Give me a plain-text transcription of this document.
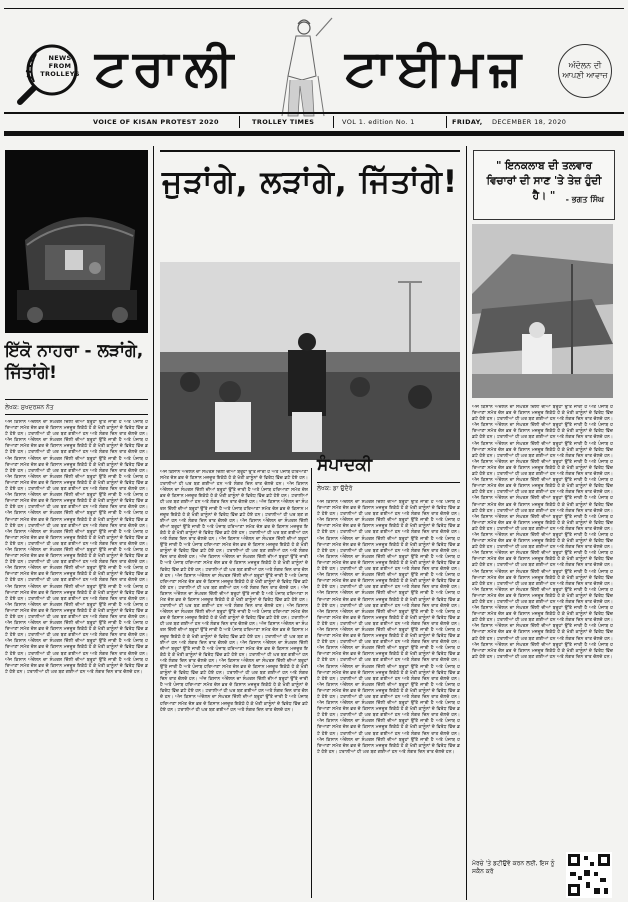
NEWS FROM TROLLEYS ਟਰਾਲੀ ਟਾਈਮਜ਼	ਅੰਦੋਲਨ ਦੀ ਆਪਣੀ ਆਵਾਜ਼
VOICE OF KISAN PROTEST 2020	TROLLEY TIMES	VOL 1. edition No. 1	FRIDAY, DECEMBER 18, 2020
ਇੱਕੋ ਨਾਹਰਾ - ਲੜਾਂਗੇ, ਜਿੱਤਾਂਗੇ!
ਲੇਖਕ: ਸੁਖਦਰਸ਼ਨ ਨੱਤ
ਅੱਜ ਕਿਸਾਨ ਅੰਦੋਲਨ ਦਾ ਸੰਘਰਸ਼ ਦਿੱਲੀ ਦੀਆਂ ਬਰੂਹਾਂ ਉੱਤੇ ਜਾਰੀ ਹੈ ਅਤੇ ਪੰਜਾਬ ਹਰਿਆਣਾ ਸਮੇਤ ਦੇਸ਼ ਭਰ ਦੇ ਕਿਸਾਨ ਮਜ਼ਦੂਰ ਇਕੱਠੇ ਹੋ ਕੇ ਖੇਤੀ ਕਾਨੂੰਨਾਂ ਦੇ ਵਿਰੋਧ ਵਿੱਚ ਡਟੇ ਹੋਏ ਹਨ। ਟਰਾਲੀਆਂ ਹੀ ਘਰ ਬਣ ਗਈਆਂ ਹਨ ਅਤੇ ਲੰਗਰ ਦਿਨ ਰਾਤ ਚੱਲਦੇ ਹਨ। ਅੱਜ ਕਿਸਾਨ ਅੰਦੋਲਨ ਦਾ ਸੰਘਰਸ਼ ਦਿੱਲੀ ਦੀਆਂ ਬਰੂਹਾਂ ਉੱਤੇ ਜਾਰੀ ਹੈ ਅਤੇ ਪੰਜਾਬ ਹਰਿਆਣਾ ਸਮੇਤ ਦੇਸ਼ ਭਰ ਦੇ ਕਿਸਾਨ ਮਜ਼ਦੂਰ ਇਕੱਠੇ ਹੋ ਕੇ ਖੇਤੀ ਕਾਨੂੰਨਾਂ ਦੇ ਵਿਰੋਧ ਵਿੱਚ ਡਟੇ ਹੋਏ ਹਨ। ਟਰਾਲੀਆਂ ਹੀ ਘਰ ਬਣ ਗਈਆਂ ਹਨ ਅਤੇ ਲੰਗਰ ਦਿਨ ਰਾਤ ਚੱਲਦੇ ਹਨ। ਅੱਜ ਕਿਸਾਨ ਅੰਦੋਲਨ ਦਾ ਸੰਘਰਸ਼ ਦਿੱਲੀ ਦੀਆਂ ਬਰੂਹਾਂ ਉੱਤੇ ਜਾਰੀ ਹੈ ਅਤੇ ਪੰਜਾਬ ਹਰਿਆਣਾ ਸਮੇਤ ਦੇਸ਼ ਭਰ ਦੇ ਕਿਸਾਨ ਮਜ਼ਦੂਰ ਇਕੱਠੇ ਹੋ ਕੇ ਖੇਤੀ ਕਾਨੂੰਨਾਂ ਦੇ ਵਿਰੋਧ ਵਿੱਚ ਡਟੇ ਹੋਏ ਹਨ। ਟਰਾਲੀਆਂ ਹੀ ਘਰ ਬਣ ਗਈਆਂ ਹਨ ਅਤੇ ਲੰਗਰ ਦਿਨ ਰਾਤ ਚੱਲਦੇ ਹਨ। ਅੱਜ ਕਿਸਾਨ ਅੰਦੋਲਨ ਦਾ ਸੰਘਰਸ਼ ਦਿੱਲੀ ਦੀਆਂ ਬਰੂਹਾਂ ਉੱਤੇ ਜਾਰੀ ਹੈ ਅਤੇ ਪੰਜਾਬ ਹਰਿਆਣਾ ਸਮੇਤ ਦੇਸ਼ ਭਰ ਦੇ ਕਿਸਾਨ ਮਜ਼ਦੂਰ ਇਕੱਠੇ ਹੋ ਕੇ ਖੇਤੀ ਕਾਨੂੰਨਾਂ ਦੇ ਵਿਰੋਧ ਵਿੱਚ ਡਟੇ ਹੋਏ ਹਨ। ਟਰਾਲੀਆਂ ਹੀ ਘਰ ਬਣ ਗਈਆਂ ਹਨ ਅਤੇ ਲੰਗਰ ਦਿਨ ਰਾਤ ਚੱਲਦੇ ਹਨ। ਅੱਜ ਕਿਸਾਨ ਅੰਦੋਲਨ ਦਾ ਸੰਘਰਸ਼ ਦਿੱਲੀ ਦੀਆਂ ਬਰੂਹਾਂ ਉੱਤੇ ਜਾਰੀ ਹੈ ਅਤੇ ਪੰਜਾਬ ਹਰਿਆਣਾ ਸਮੇਤ ਦੇਸ਼ ਭਰ ਦੇ ਕਿਸਾਨ ਮਜ਼ਦੂਰ ਇਕੱਠੇ ਹੋ ਕੇ ਖੇਤੀ ਕਾਨੂੰਨਾਂ ਦੇ ਵਿਰੋਧ ਵਿੱਚ ਡਟੇ ਹੋਏ ਹਨ। ਟਰਾਲੀਆਂ ਹੀ ਘਰ ਬਣ ਗਈਆਂ ਹਨ ਅਤੇ ਲੰਗਰ ਦਿਨ ਰਾਤ ਚੱਲਦੇ ਹਨ। ਅੱਜ ਕਿਸਾਨ ਅੰਦੋਲਨ ਦਾ ਸੰਘਰਸ਼ ਦਿੱਲੀ ਦੀਆਂ ਬਰੂਹਾਂ ਉੱਤੇ ਜਾਰੀ ਹੈ ਅਤੇ ਪੰਜਾਬ ਹਰਿਆਣਾ ਸਮੇਤ ਦੇਸ਼ ਭਰ ਦੇ ਕਿਸਾਨ ਮਜ਼ਦੂਰ ਇਕੱਠੇ ਹੋ ਕੇ ਖੇਤੀ ਕਾਨੂੰਨਾਂ ਦੇ ਵਿਰੋਧ ਵਿੱਚ ਡਟੇ ਹੋਏ ਹਨ। ਟਰਾਲੀਆਂ ਹੀ ਘਰ ਬਣ ਗਈਆਂ ਹਨ ਅਤੇ ਲੰਗਰ ਦਿਨ ਰਾਤ ਚੱਲਦੇ ਹਨ। ਅੱਜ ਕਿਸਾਨ ਅੰਦੋਲਨ ਦਾ ਸੰਘਰਸ਼ ਦਿੱਲੀ ਦੀਆਂ ਬਰੂਹਾਂ ਉੱਤੇ ਜਾਰੀ ਹੈ ਅਤੇ ਪੰਜਾਬ ਹਰਿਆਣਾ ਸਮੇਤ ਦੇਸ਼ ਭਰ ਦੇ ਕਿਸਾਨ ਮਜ਼ਦੂਰ ਇਕੱਠੇ ਹੋ ਕੇ ਖੇਤੀ ਕਾਨੂੰਨਾਂ ਦੇ ਵਿਰੋਧ ਵਿੱਚ ਡਟੇ ਹੋਏ ਹਨ। ਟਰਾਲੀਆਂ ਹੀ ਘਰ ਬਣ ਗਈਆਂ ਹਨ ਅਤੇ ਲੰਗਰ ਦਿਨ ਰਾਤ ਚੱਲਦੇ ਹਨ। ਅੱਜ ਕਿਸਾਨ ਅੰਦੋਲਨ ਦਾ ਸੰਘਰਸ਼ ਦਿੱਲੀ ਦੀਆਂ ਬਰੂਹਾਂ ਉੱਤੇ ਜਾਰੀ ਹੈ ਅਤੇ ਪੰਜਾਬ ਹਰਿਆਣਾ ਸਮੇਤ ਦੇਸ਼ ਭਰ ਦੇ ਕਿਸਾਨ ਮਜ਼ਦੂਰ ਇਕੱਠੇ ਹੋ ਕੇ ਖੇਤੀ ਕਾਨੂੰਨਾਂ ਦੇ ਵਿਰੋਧ ਵਿੱਚ ਡਟੇ ਹੋਏ ਹਨ। ਟਰਾਲੀਆਂ ਹੀ ਘਰ ਬਣ ਗਈਆਂ ਹਨ ਅਤੇ ਲੰਗਰ ਦਿਨ ਰਾਤ ਚੱਲਦੇ ਹਨ। ਅੱਜ ਕਿਸਾਨ ਅੰਦੋਲਨ ਦਾ ਸੰਘਰਸ਼ ਦਿੱਲੀ ਦੀਆਂ ਬਰੂਹਾਂ ਉੱਤੇ ਜਾਰੀ ਹੈ ਅਤੇ ਪੰਜਾਬ ਹਰਿਆਣਾ ਸਮੇਤ ਦੇਸ਼ ਭਰ ਦੇ ਕਿਸਾਨ ਮਜ਼ਦੂਰ ਇਕੱਠੇ ਹੋ ਕੇ ਖੇਤੀ ਕਾਨੂੰਨਾਂ ਦੇ ਵਿਰੋਧ ਵਿੱਚ ਡਟੇ ਹੋਏ ਹਨ। ਟਰਾਲੀਆਂ ਹੀ ਘਰ ਬਣ ਗਈਆਂ ਹਨ ਅਤੇ ਲੰਗਰ ਦਿਨ ਰਾਤ ਚੱਲਦੇ ਹਨ। ਅੱਜ ਕਿਸਾਨ ਅੰਦੋਲਨ ਦਾ ਸੰਘਰਸ਼ ਦਿੱਲੀ ਦੀਆਂ ਬਰੂਹਾਂ ਉੱਤੇ ਜਾਰੀ ਹੈ ਅਤੇ ਪੰਜਾਬ ਹਰਿਆਣਾ ਸਮੇਤ ਦੇਸ਼ ਭਰ ਦੇ ਕਿਸਾਨ ਮਜ਼ਦੂਰ ਇਕੱਠੇ ਹੋ ਕੇ ਖੇਤੀ ਕਾਨੂੰਨਾਂ ਦੇ ਵਿਰੋਧ ਵਿੱਚ ਡਟੇ ਹੋਏ ਹਨ। ਟਰਾਲੀਆਂ ਹੀ ਘਰ ਬਣ ਗਈਆਂ ਹਨ ਅਤੇ ਲੰਗਰ ਦਿਨ ਰਾਤ ਚੱਲਦੇ ਹਨ। ਅੱਜ ਕਿਸਾਨ ਅੰਦੋਲਨ ਦਾ ਸੰਘਰਸ਼ ਦਿੱਲੀ ਦੀਆਂ ਬਰੂਹਾਂ ਉੱਤੇ ਜਾਰੀ ਹੈ ਅਤੇ ਪੰਜਾਬ ਹਰਿਆਣਾ ਸਮੇਤ ਦੇਸ਼ ਭਰ ਦੇ ਕਿਸਾਨ ਮਜ਼ਦੂਰ ਇਕੱਠੇ ਹੋ ਕੇ ਖੇਤੀ ਕਾਨੂੰਨਾਂ ਦੇ ਵਿਰੋਧ ਵਿੱਚ ਡਟੇ ਹੋਏ ਹਨ। ਟਰਾਲੀਆਂ ਹੀ ਘਰ ਬਣ ਗਈਆਂ ਹਨ ਅਤੇ ਲੰਗਰ ਦਿਨ ਰਾਤ ਚੱਲਦੇ ਹਨ। ਅੱਜ ਕਿਸਾਨ ਅੰਦੋਲਨ ਦਾ ਸੰਘਰਸ਼ ਦਿੱਲੀ ਦੀਆਂ ਬਰੂਹਾਂ ਉੱਤੇ ਜਾਰੀ ਹੈ ਅਤੇ ਪੰਜਾਬ ਹਰਿਆਣਾ ਸਮੇਤ ਦੇਸ਼ ਭਰ ਦੇ ਕਿਸਾਨ ਮਜ਼ਦੂਰ ਇਕੱਠੇ ਹੋ ਕੇ ਖੇਤੀ ਕਾਨੂੰਨਾਂ ਦੇ ਵਿਰੋਧ ਵਿੱਚ ਡਟੇ ਹੋਏ ਹਨ। ਟਰਾਲੀਆਂ ਹੀ ਘਰ ਬਣ ਗਈਆਂ ਹਨ ਅਤੇ ਲੰਗਰ ਦਿਨ ਰਾਤ ਚੱਲਦੇ ਹਨ। ਅੱਜ ਕਿਸਾਨ ਅੰਦੋਲਨ ਦਾ ਸੰਘਰਸ਼ ਦਿੱਲੀ ਦੀਆਂ ਬਰੂਹਾਂ ਉੱਤੇ ਜਾਰੀ ਹੈ ਅਤੇ ਪੰਜਾਬ ਹਰਿਆਣਾ ਸਮੇਤ ਦੇਸ਼ ਭਰ ਦੇ ਕਿਸਾਨ ਮਜ਼ਦੂਰ ਇਕੱਠੇ ਹੋ ਕੇ ਖੇਤੀ ਕਾਨੂੰਨਾਂ ਦੇ ਵਿਰੋਧ ਵਿੱਚ ਡਟੇ ਹੋਏ ਹਨ। ਟਰਾਲੀਆਂ ਹੀ ਘਰ ਬਣ ਗਈਆਂ ਹਨ ਅਤੇ ਲੰਗਰ ਦਿਨ ਰਾਤ ਚੱਲਦੇ ਹਨ। ਅੱਜ ਕਿਸਾਨ ਅੰਦੋਲਨ ਦਾ ਸੰਘਰਸ਼ ਦਿੱਲੀ ਦੀਆਂ ਬਰੂਹਾਂ ਉੱਤੇ ਜਾਰੀ ਹੈ ਅਤੇ ਪੰਜਾਬ ਹਰਿਆਣਾ ਸਮੇਤ ਦੇਸ਼ ਭਰ ਦੇ ਕਿਸਾਨ ਮਜ਼ਦੂਰ ਇਕੱਠੇ ਹੋ ਕੇ ਖੇਤੀ ਕਾਨੂੰਨਾਂ ਦੇ ਵਿਰੋਧ ਵਿੱਚ ਡਟੇ ਹੋਏ ਹਨ। ਟਰਾਲੀਆਂ ਹੀ ਘਰ ਬਣ ਗਈਆਂ ਹਨ ਅਤੇ ਲੰਗਰ ਦਿਨ ਰਾਤ ਚੱਲਦੇ ਹਨ।
ਜੁੜਾਂਗੇ, ਲੜਾਂਗੇ, ਜਿੱਤਾਂਗੇ!
ਅੱਜ ਕਿਸਾਨ ਅੰਦੋਲਨ ਦਾ ਸੰਘਰਸ਼ ਦਿੱਲੀ ਦੀਆਂ ਬਰੂਹਾਂ ਉੱਤੇ ਜਾਰੀ ਹੈ ਅਤੇ ਪੰਜਾਬ ਹਰਿਆਣਾ ਸਮੇਤ ਦੇਸ਼ ਭਰ ਦੇ ਕਿਸਾਨ ਮਜ਼ਦੂਰ ਇਕੱਠੇ ਹੋ ਕੇ ਖੇਤੀ ਕਾਨੂੰਨਾਂ ਦੇ ਵਿਰੋਧ ਵਿੱਚ ਡਟੇ ਹੋਏ ਹਨ। ਟਰਾਲੀਆਂ ਹੀ ਘਰ ਬਣ ਗਈਆਂ ਹਨ ਅਤੇ ਲੰਗਰ ਦਿਨ ਰਾਤ ਚੱਲਦੇ ਹਨ। ਅੱਜ ਕਿਸਾਨ ਅੰਦੋਲਨ ਦਾ ਸੰਘਰਸ਼ ਦਿੱਲੀ ਦੀਆਂ ਬਰੂਹਾਂ ਉੱਤੇ ਜਾਰੀ ਹੈ ਅਤੇ ਪੰਜਾਬ ਹਰਿਆਣਾ ਸਮੇਤ ਦੇਸ਼ ਭਰ ਦੇ ਕਿਸਾਨ ਮਜ਼ਦੂਰ ਇਕੱਠੇ ਹੋ ਕੇ ਖੇਤੀ ਕਾਨੂੰਨਾਂ ਦੇ ਵਿਰੋਧ ਵਿੱਚ ਡਟੇ ਹੋਏ ਹਨ। ਟਰਾਲੀਆਂ ਹੀ ਘਰ ਬਣ ਗਈਆਂ ਹਨ ਅਤੇ ਲੰਗਰ ਦਿਨ ਰਾਤ ਚੱਲਦੇ ਹਨ। ਅੱਜ ਕਿਸਾਨ ਅੰਦੋਲਨ ਦਾ ਸੰਘਰਸ਼ ਦਿੱਲੀ ਦੀਆਂ ਬਰੂਹਾਂ ਉੱਤੇ ਜਾਰੀ ਹੈ ਅਤੇ ਪੰਜਾਬ ਹਰਿਆਣਾ ਸਮੇਤ ਦੇਸ਼ ਭਰ ਦੇ ਕਿਸਾਨ ਮਜ਼ਦੂਰ ਇਕੱਠੇ ਹੋ ਕੇ ਖੇਤੀ ਕਾਨੂੰਨਾਂ ਦੇ ਵਿਰੋਧ ਵਿੱਚ ਡਟੇ ਹੋਏ ਹਨ। ਟਰਾਲੀਆਂ ਹੀ ਘਰ ਬਣ ਗਈਆਂ ਹਨ ਅਤੇ ਲੰਗਰ ਦਿਨ ਰਾਤ ਚੱਲਦੇ ਹਨ। ਅੱਜ ਕਿਸਾਨ ਅੰਦੋਲਨ ਦਾ ਸੰਘਰਸ਼ ਦਿੱਲੀ ਦੀਆਂ ਬਰੂਹਾਂ ਉੱਤੇ ਜਾਰੀ ਹੈ ਅਤੇ ਪੰਜਾਬ ਹਰਿਆਣਾ ਸਮੇਤ ਦੇਸ਼ ਭਰ ਦੇ ਕਿਸਾਨ ਮਜ਼ਦੂਰ ਇਕੱਠੇ ਹੋ ਕੇ ਖੇਤੀ ਕਾਨੂੰਨਾਂ ਦੇ ਵਿਰੋਧ ਵਿੱਚ ਡਟੇ ਹੋਏ ਹਨ। ਟਰਾਲੀਆਂ ਹੀ ਘਰ ਬਣ ਗਈਆਂ ਹਨ ਅਤੇ ਲੰਗਰ ਦਿਨ ਰਾਤ ਚੱਲਦੇ ਹਨ। ਅੱਜ ਕਿਸਾਨ ਅੰਦੋਲਨ ਦਾ ਸੰਘਰਸ਼ ਦਿੱਲੀ ਦੀਆਂ ਬਰੂਹਾਂ ਉੱਤੇ ਜਾਰੀ ਹੈ ਅਤੇ ਪੰਜਾਬ ਹਰਿਆਣਾ ਸਮੇਤ ਦੇਸ਼ ਭਰ ਦੇ ਕਿਸਾਨ ਮਜ਼ਦੂਰ ਇਕੱਠੇ ਹੋ ਕੇ ਖੇਤੀ ਕਾਨੂੰਨਾਂ ਦੇ ਵਿਰੋਧ ਵਿੱਚ ਡਟੇ ਹੋਏ ਹਨ। ਟਰਾਲੀਆਂ ਹੀ ਘਰ ਬਣ ਗਈਆਂ ਹਨ ਅਤੇ ਲੰਗਰ ਦਿਨ ਰਾਤ ਚੱਲਦੇ ਹਨ। ਅੱਜ ਕਿਸਾਨ ਅੰਦੋਲਨ ਦਾ ਸੰਘਰਸ਼ ਦਿੱਲੀ ਦੀਆਂ ਬਰੂਹਾਂ ਉੱਤੇ ਜਾਰੀ ਹੈ ਅਤੇ ਪੰਜਾਬ ਹਰਿਆਣਾ ਸਮੇਤ ਦੇਸ਼ ਭਰ ਦੇ ਕਿਸਾਨ ਮਜ਼ਦੂਰ ਇਕੱਠੇ ਹੋ ਕੇ ਖੇਤੀ ਕਾਨੂੰਨਾਂ ਦੇ ਵਿਰੋਧ ਵਿੱਚ ਡਟੇ ਹੋਏ ਹਨ। ਟਰਾਲੀਆਂ ਹੀ ਘਰ ਬਣ ਗਈਆਂ ਹਨ ਅਤੇ ਲੰਗਰ ਦਿਨ ਰਾਤ ਚੱਲਦੇ ਹਨ। ਅੱਜ ਕਿਸਾਨ ਅੰਦੋਲਨ ਦਾ ਸੰਘਰਸ਼ ਦਿੱਲੀ ਦੀਆਂ ਬਰੂਹਾਂ ਉੱਤੇ ਜਾਰੀ ਹੈ ਅਤੇ ਪੰਜਾਬ ਹਰਿਆਣਾ ਸਮੇਤ ਦੇਸ਼ ਭਰ ਦੇ ਕਿਸਾਨ ਮਜ਼ਦੂਰ ਇਕੱਠੇ ਹੋ ਕੇ ਖੇਤੀ ਕਾਨੂੰਨਾਂ ਦੇ ਵਿਰੋਧ ਵਿੱਚ ਡਟੇ ਹੋਏ ਹਨ। ਟਰਾਲੀਆਂ ਹੀ ਘਰ ਬਣ ਗਈਆਂ ਹਨ ਅਤੇ ਲੰਗਰ ਦਿਨ ਰਾਤ ਚੱਲਦੇ ਹਨ। ਅੱਜ ਕਿਸਾਨ ਅੰਦੋਲਨ ਦਾ ਸੰਘਰਸ਼ ਦਿੱਲੀ ਦੀਆਂ ਬਰੂਹਾਂ ਉੱਤੇ ਜਾਰੀ ਹੈ ਅਤੇ ਪੰਜਾਬ ਹਰਿਆਣਾ ਸਮੇਤ ਦੇਸ਼ ਭਰ ਦੇ ਕਿਸਾਨ ਮਜ਼ਦੂਰ ਇਕੱਠੇ ਹੋ ਕੇ ਖੇਤੀ ਕਾਨੂੰਨਾਂ ਦੇ ਵਿਰੋਧ ਵਿੱਚ ਡਟੇ ਹੋਏ ਹਨ। ਟਰਾਲੀਆਂ ਹੀ ਘਰ ਬਣ ਗਈਆਂ ਹਨ ਅਤੇ ਲੰਗਰ ਦਿਨ ਰਾਤ ਚੱਲਦੇ ਹਨ। ਅੱਜ ਕਿਸਾਨ ਅੰਦੋਲਨ ਦਾ ਸੰਘਰਸ਼ ਦਿੱਲੀ ਦੀਆਂ ਬਰੂਹਾਂ ਉੱਤੇ ਜਾਰੀ ਹੈ ਅਤੇ ਪੰਜਾਬ ਹਰਿਆਣਾ ਸਮੇਤ ਦੇਸ਼ ਭਰ ਦੇ ਕਿਸਾਨ ਮਜ਼ਦੂਰ ਇਕੱਠੇ ਹੋ ਕੇ ਖੇਤੀ ਕਾਨੂੰਨਾਂ ਦੇ ਵਿਰੋਧ ਵਿੱਚ ਡਟੇ ਹੋਏ ਹਨ। ਟਰਾਲੀਆਂ ਹੀ ਘਰ ਬਣ ਗਈਆਂ ਹਨ ਅਤੇ ਲੰਗਰ ਦਿਨ ਰਾਤ ਚੱਲਦੇ ਹਨ। ਅੱਜ ਕਿਸਾਨ ਅੰਦੋਲਨ ਦਾ ਸੰਘਰਸ਼ ਦਿੱਲੀ ਦੀਆਂ ਬਰੂਹਾਂ ਉੱਤੇ ਜਾਰੀ ਹੈ ਅਤੇ ਪੰਜਾਬ ਹਰਿਆਣਾ ਸਮੇਤ ਦੇਸ਼ ਭਰ ਦੇ ਕਿਸਾਨ ਮਜ਼ਦੂਰ ਇਕੱਠੇ ਹੋ ਕੇ ਖੇਤੀ ਕਾਨੂੰਨਾਂ ਦੇ ਵਿਰੋਧ ਵਿੱਚ ਡਟੇ ਹੋਏ ਹਨ। ਟਰਾਲੀਆਂ ਹੀ ਘਰ ਬਣ ਗਈਆਂ ਹਨ ਅਤੇ ਲੰਗਰ ਦਿਨ ਰਾਤ ਚੱਲਦੇ ਹਨ। ਅੱਜ ਕਿਸਾਨ ਅੰਦੋਲਨ ਦਾ ਸੰਘਰਸ਼ ਦਿੱਲੀ ਦੀਆਂ ਬਰੂਹਾਂ ਉੱਤੇ ਜਾਰੀ ਹੈ ਅਤੇ ਪੰਜਾਬ ਹਰਿਆਣਾ ਸਮੇਤ ਦੇਸ਼ ਭਰ ਦੇ ਕਿਸਾਨ ਮਜ਼ਦੂਰ ਇਕੱਠੇ ਹੋ ਕੇ ਖੇਤੀ ਕਾਨੂੰਨਾਂ ਦੇ ਵਿਰੋਧ ਵਿੱਚ ਡਟੇ ਹੋਏ ਹਨ। ਟਰਾਲੀਆਂ ਹੀ ਘਰ ਬਣ ਗਈਆਂ ਹਨ ਅਤੇ ਲੰਗਰ ਦਿਨ ਰਾਤ ਚੱਲਦੇ ਹਨ। ਅੱਜ ਕਿਸਾਨ ਅੰਦੋਲਨ ਦਾ ਸੰਘਰਸ਼ ਦਿੱਲੀ ਦੀਆਂ ਬਰੂਹਾਂ ਉੱਤੇ ਜਾਰੀ ਹੈ ਅਤੇ ਪੰਜਾਬ ਹਰਿਆਣਾ ਸਮੇਤ ਦੇਸ਼ ਭਰ ਦੇ ਕਿਸਾਨ ਮਜ਼ਦੂਰ ਇਕੱਠੇ ਹੋ ਕੇ ਖੇਤੀ ਕਾਨੂੰਨਾਂ ਦੇ ਵਿਰੋਧ ਵਿੱਚ ਡਟੇ ਹੋਏ ਹਨ। ਟਰਾਲੀਆਂ ਹੀ ਘਰ ਬਣ ਗਈਆਂ ਹਨ ਅਤੇ ਲੰਗਰ ਦਿਨ ਰਾਤ ਚੱਲਦੇ ਹਨ। ਅੱਜ ਕਿਸਾਨ ਅੰਦੋਲਨ ਦਾ ਸੰਘਰਸ਼ ਦਿੱਲੀ ਦੀਆਂ ਬਰੂਹਾਂ ਉੱਤੇ ਜਾਰੀ ਹੈ ਅਤੇ ਪੰਜਾਬ ਹਰਿਆਣਾ ਸਮੇਤ ਦੇਸ਼ ਭਰ ਦੇ ਕਿਸਾਨ ਮਜ਼ਦੂਰ ਇਕੱਠੇ ਹੋ ਕੇ ਖੇਤੀ ਕਾਨੂੰਨਾਂ ਦੇ ਵਿਰੋਧ ਵਿੱਚ ਡਟੇ ਹੋਏ ਹਨ। ਟਰਾਲੀਆਂ ਹੀ ਘਰ ਬਣ ਗਈਆਂ ਹਨ ਅਤੇ ਲੰਗਰ ਦਿਨ ਰਾਤ ਚੱਲਦੇ ਹਨ। ਅੱਜ ਕਿਸਾਨ ਅੰਦੋਲਨ ਦਾ ਸੰਘਰਸ਼ ਦਿੱਲੀ ਦੀਆਂ ਬਰੂਹਾਂ ਉੱਤੇ ਜਾਰੀ ਹੈ ਅਤੇ ਪੰਜਾਬ ਹਰਿਆਣਾ ਸਮੇਤ ਦੇਸ਼ ਭਰ ਦੇ ਕਿਸਾਨ ਮਜ਼ਦੂਰ ਇਕੱਠੇ ਹੋ ਕੇ ਖੇਤੀ ਕਾਨੂੰਨਾਂ ਦੇ ਵਿਰੋਧ ਵਿੱਚ ਡਟੇ ਹੋਏ ਹਨ। ਟਰਾਲੀਆਂ ਹੀ ਘਰ ਬਣ ਗਈਆਂ ਹਨ ਅਤੇ ਲੰਗਰ ਦਿਨ ਰਾਤ ਚੱਲਦੇ ਹਨ।
ਸੰਪਾਦਕੀ
ਲੇਖਕ: ਡਾ ਉਦੈਰੋ
ਅੱਜ ਕਿਸਾਨ ਅੰਦੋਲਨ ਦਾ ਸੰਘਰਸ਼ ਦਿੱਲੀ ਦੀਆਂ ਬਰੂਹਾਂ ਉੱਤੇ ਜਾਰੀ ਹੈ ਅਤੇ ਪੰਜਾਬ ਹਰਿਆਣਾ ਸਮੇਤ ਦੇਸ਼ ਭਰ ਦੇ ਕਿਸਾਨ ਮਜ਼ਦੂਰ ਇਕੱਠੇ ਹੋ ਕੇ ਖੇਤੀ ਕਾਨੂੰਨਾਂ ਦੇ ਵਿਰੋਧ ਵਿੱਚ ਡਟੇ ਹੋਏ ਹਨ। ਟਰਾਲੀਆਂ ਹੀ ਘਰ ਬਣ ਗਈਆਂ ਹਨ ਅਤੇ ਲੰਗਰ ਦਿਨ ਰਾਤ ਚੱਲਦੇ ਹਨ। ਅੱਜ ਕਿਸਾਨ ਅੰਦੋਲਨ ਦਾ ਸੰਘਰਸ਼ ਦਿੱਲੀ ਦੀਆਂ ਬਰੂਹਾਂ ਉੱਤੇ ਜਾਰੀ ਹੈ ਅਤੇ ਪੰਜਾਬ ਹਰਿਆਣਾ ਸਮੇਤ ਦੇਸ਼ ਭਰ ਦੇ ਕਿਸਾਨ ਮਜ਼ਦੂਰ ਇਕੱਠੇ ਹੋ ਕੇ ਖੇਤੀ ਕਾਨੂੰਨਾਂ ਦੇ ਵਿਰੋਧ ਵਿੱਚ ਡਟੇ ਹੋਏ ਹਨ। ਟਰਾਲੀਆਂ ਹੀ ਘਰ ਬਣ ਗਈਆਂ ਹਨ ਅਤੇ ਲੰਗਰ ਦਿਨ ਰਾਤ ਚੱਲਦੇ ਹਨ। ਅੱਜ ਕਿਸਾਨ ਅੰਦੋਲਨ ਦਾ ਸੰਘਰਸ਼ ਦਿੱਲੀ ਦੀਆਂ ਬਰੂਹਾਂ ਉੱਤੇ ਜਾਰੀ ਹੈ ਅਤੇ ਪੰਜਾਬ ਹਰਿਆਣਾ ਸਮੇਤ ਦੇਸ਼ ਭਰ ਦੇ ਕਿਸਾਨ ਮਜ਼ਦੂਰ ਇਕੱਠੇ ਹੋ ਕੇ ਖੇਤੀ ਕਾਨੂੰਨਾਂ ਦੇ ਵਿਰੋਧ ਵਿੱਚ ਡਟੇ ਹੋਏ ਹਨ। ਟਰਾਲੀਆਂ ਹੀ ਘਰ ਬਣ ਗਈਆਂ ਹਨ ਅਤੇ ਲੰਗਰ ਦਿਨ ਰਾਤ ਚੱਲਦੇ ਹਨ। ਅੱਜ ਕਿਸਾਨ ਅੰਦੋਲਨ ਦਾ ਸੰਘਰਸ਼ ਦਿੱਲੀ ਦੀਆਂ ਬਰੂਹਾਂ ਉੱਤੇ ਜਾਰੀ ਹੈ ਅਤੇ ਪੰਜਾਬ ਹਰਿਆਣਾ ਸਮੇਤ ਦੇਸ਼ ਭਰ ਦੇ ਕਿਸਾਨ ਮਜ਼ਦੂਰ ਇਕੱਠੇ ਹੋ ਕੇ ਖੇਤੀ ਕਾਨੂੰਨਾਂ ਦੇ ਵਿਰੋਧ ਵਿੱਚ ਡਟੇ ਹੋਏ ਹਨ। ਟਰਾਲੀਆਂ ਹੀ ਘਰ ਬਣ ਗਈਆਂ ਹਨ ਅਤੇ ਲੰਗਰ ਦਿਨ ਰਾਤ ਚੱਲਦੇ ਹਨ। ਅੱਜ ਕਿਸਾਨ ਅੰਦੋਲਨ ਦਾ ਸੰਘਰਸ਼ ਦਿੱਲੀ ਦੀਆਂ ਬਰੂਹਾਂ ਉੱਤੇ ਜਾਰੀ ਹੈ ਅਤੇ ਪੰਜਾਬ ਹਰਿਆਣਾ ਸਮੇਤ ਦੇਸ਼ ਭਰ ਦੇ ਕਿਸਾਨ ਮਜ਼ਦੂਰ ਇਕੱਠੇ ਹੋ ਕੇ ਖੇਤੀ ਕਾਨੂੰਨਾਂ ਦੇ ਵਿਰੋਧ ਵਿੱਚ ਡਟੇ ਹੋਏ ਹਨ। ਟਰਾਲੀਆਂ ਹੀ ਘਰ ਬਣ ਗਈਆਂ ਹਨ ਅਤੇ ਲੰਗਰ ਦਿਨ ਰਾਤ ਚੱਲਦੇ ਹਨ। ਅੱਜ ਕਿਸਾਨ ਅੰਦੋਲਨ ਦਾ ਸੰਘਰਸ਼ ਦਿੱਲੀ ਦੀਆਂ ਬਰੂਹਾਂ ਉੱਤੇ ਜਾਰੀ ਹੈ ਅਤੇ ਪੰਜਾਬ ਹਰਿਆਣਾ ਸਮੇਤ ਦੇਸ਼ ਭਰ ਦੇ ਕਿਸਾਨ ਮਜ਼ਦੂਰ ਇਕੱਠੇ ਹੋ ਕੇ ਖੇਤੀ ਕਾਨੂੰਨਾਂ ਦੇ ਵਿਰੋਧ ਵਿੱਚ ਡਟੇ ਹੋਏ ਹਨ। ਟਰਾਲੀਆਂ ਹੀ ਘਰ ਬਣ ਗਈਆਂ ਹਨ ਅਤੇ ਲੰਗਰ ਦਿਨ ਰਾਤ ਚੱਲਦੇ ਹਨ। ਅੱਜ ਕਿਸਾਨ ਅੰਦੋਲਨ ਦਾ ਸੰਘਰਸ਼ ਦਿੱਲੀ ਦੀਆਂ ਬਰੂਹਾਂ ਉੱਤੇ ਜਾਰੀ ਹੈ ਅਤੇ ਪੰਜਾਬ ਹਰਿਆਣਾ ਸਮੇਤ ਦੇਸ਼ ਭਰ ਦੇ ਕਿਸਾਨ ਮਜ਼ਦੂਰ ਇਕੱਠੇ ਹੋ ਕੇ ਖੇਤੀ ਕਾਨੂੰਨਾਂ ਦੇ ਵਿਰੋਧ ਵਿੱਚ ਡਟੇ ਹੋਏ ਹਨ। ਟਰਾਲੀਆਂ ਹੀ ਘਰ ਬਣ ਗਈਆਂ ਹਨ ਅਤੇ ਲੰਗਰ ਦਿਨ ਰਾਤ ਚੱਲਦੇ ਹਨ। ਅੱਜ ਕਿਸਾਨ ਅੰਦੋਲਨ ਦਾ ਸੰਘਰਸ਼ ਦਿੱਲੀ ਦੀਆਂ ਬਰੂਹਾਂ ਉੱਤੇ ਜਾਰੀ ਹੈ ਅਤੇ ਪੰਜਾਬ ਹਰਿਆਣਾ ਸਮੇਤ ਦੇਸ਼ ਭਰ ਦੇ ਕਿਸਾਨ ਮਜ਼ਦੂਰ ਇਕੱਠੇ ਹੋ ਕੇ ਖੇਤੀ ਕਾਨੂੰਨਾਂ ਦੇ ਵਿਰੋਧ ਵਿੱਚ ਡਟੇ ਹੋਏ ਹਨ। ਟਰਾਲੀਆਂ ਹੀ ਘਰ ਬਣ ਗਈਆਂ ਹਨ ਅਤੇ ਲੰਗਰ ਦਿਨ ਰਾਤ ਚੱਲਦੇ ਹਨ। ਅੱਜ ਕਿਸਾਨ ਅੰਦੋਲਨ ਦਾ ਸੰਘਰਸ਼ ਦਿੱਲੀ ਦੀਆਂ ਬਰੂਹਾਂ ਉੱਤੇ ਜਾਰੀ ਹੈ ਅਤੇ ਪੰਜਾਬ ਹਰਿਆਣਾ ਸਮੇਤ ਦੇਸ਼ ਭਰ ਦੇ ਕਿਸਾਨ ਮਜ਼ਦੂਰ ਇਕੱਠੇ ਹੋ ਕੇ ਖੇਤੀ ਕਾਨੂੰਨਾਂ ਦੇ ਵਿਰੋਧ ਵਿੱਚ ਡਟੇ ਹੋਏ ਹਨ। ਟਰਾਲੀਆਂ ਹੀ ਘਰ ਬਣ ਗਈਆਂ ਹਨ ਅਤੇ ਲੰਗਰ ਦਿਨ ਰਾਤ ਚੱਲਦੇ ਹਨ। ਅੱਜ ਕਿਸਾਨ ਅੰਦੋਲਨ ਦਾ ਸੰਘਰਸ਼ ਦਿੱਲੀ ਦੀਆਂ ਬਰੂਹਾਂ ਉੱਤੇ ਜਾਰੀ ਹੈ ਅਤੇ ਪੰਜਾਬ ਹਰਿਆਣਾ ਸਮੇਤ ਦੇਸ਼ ਭਰ ਦੇ ਕਿਸਾਨ ਮਜ਼ਦੂਰ ਇਕੱਠੇ ਹੋ ਕੇ ਖੇਤੀ ਕਾਨੂੰਨਾਂ ਦੇ ਵਿਰੋਧ ਵਿੱਚ ਡਟੇ ਹੋਏ ਹਨ। ਟਰਾਲੀਆਂ ਹੀ ਘਰ ਬਣ ਗਈਆਂ ਹਨ ਅਤੇ ਲੰਗਰ ਦਿਨ ਰਾਤ ਚੱਲਦੇ ਹਨ। ਅੱਜ ਕਿਸਾਨ ਅੰਦੋਲਨ ਦਾ ਸੰਘਰਸ਼ ਦਿੱਲੀ ਦੀਆਂ ਬਰੂਹਾਂ ਉੱਤੇ ਜਾਰੀ ਹੈ ਅਤੇ ਪੰਜਾਬ ਹਰਿਆਣਾ ਸਮੇਤ ਦੇਸ਼ ਭਰ ਦੇ ਕਿਸਾਨ ਮਜ਼ਦੂਰ ਇਕੱਠੇ ਹੋ ਕੇ ਖੇਤੀ ਕਾਨੂੰਨਾਂ ਦੇ ਵਿਰੋਧ ਵਿੱਚ ਡਟੇ ਹੋਏ ਹਨ। ਟਰਾਲੀਆਂ ਹੀ ਘਰ ਬਣ ਗਈਆਂ ਹਨ ਅਤੇ ਲੰਗਰ ਦਿਨ ਰਾਤ ਚੱਲਦੇ ਹਨ। ਅੱਜ ਕਿਸਾਨ ਅੰਦੋਲਨ ਦਾ ਸੰਘਰਸ਼ ਦਿੱਲੀ ਦੀਆਂ ਬਰੂਹਾਂ ਉੱਤੇ ਜਾਰੀ ਹੈ ਅਤੇ ਪੰਜਾਬ ਹਰਿਆਣਾ ਸਮੇਤ ਦੇਸ਼ ਭਰ ਦੇ ਕਿਸਾਨ ਮਜ਼ਦੂਰ ਇਕੱਠੇ ਹੋ ਕੇ ਖੇਤੀ ਕਾਨੂੰਨਾਂ ਦੇ ਵਿਰੋਧ ਵਿੱਚ ਡਟੇ ਹੋਏ ਹਨ। ਟਰਾਲੀਆਂ ਹੀ ਘਰ ਬਣ ਗਈਆਂ ਹਨ ਅਤੇ ਲੰਗਰ ਦਿਨ ਰਾਤ ਚੱਲਦੇ ਹਨ। ਅੱਜ ਕਿਸਾਨ ਅੰਦੋਲਨ ਦਾ ਸੰਘਰਸ਼ ਦਿੱਲੀ ਦੀਆਂ ਬਰੂਹਾਂ ਉੱਤੇ ਜਾਰੀ ਹੈ ਅਤੇ ਪੰਜਾਬ ਹਰਿਆਣਾ ਸਮੇਤ ਦੇਸ਼ ਭਰ ਦੇ ਕਿਸਾਨ ਮਜ਼ਦੂਰ ਇਕੱਠੇ ਹੋ ਕੇ ਖੇਤੀ ਕਾਨੂੰਨਾਂ ਦੇ ਵਿਰੋਧ ਵਿੱਚ ਡਟੇ ਹੋਏ ਹਨ। ਟਰਾਲੀਆਂ ਹੀ ਘਰ ਬਣ ਗਈਆਂ ਹਨ ਅਤੇ ਲੰਗਰ ਦਿਨ ਰਾਤ ਚੱਲਦੇ ਹਨ। ਅੱਜ ਕਿਸਾਨ ਅੰਦੋਲਨ ਦਾ ਸੰਘਰਸ਼ ਦਿੱਲੀ ਦੀਆਂ ਬਰੂਹਾਂ ਉੱਤੇ ਜਾਰੀ ਹੈ ਅਤੇ ਪੰਜਾਬ ਹਰਿਆਣਾ ਸਮੇਤ ਦੇਸ਼ ਭਰ ਦੇ ਕਿਸਾਨ ਮਜ਼ਦੂਰ ਇਕੱਠੇ ਹੋ ਕੇ ਖੇਤੀ ਕਾਨੂੰਨਾਂ ਦੇ ਵਿਰੋਧ ਵਿੱਚ ਡਟੇ ਹੋਏ ਹਨ। ਟਰਾਲੀਆਂ ਹੀ ਘਰ ਬਣ ਗਈਆਂ ਹਨ ਅਤੇ ਲੰਗਰ ਦਿਨ ਰਾਤ ਚੱਲਦੇ ਹਨ।
" ਇਨਕਲਾਬ ਦੀ ਤਲਵਾਰ ਵਿਚਾਰਾਂ ਦੀ ਸਾਣ 'ਤੇ ਤੇਜ਼ ਹੁੰਦੀ ਹੈ। "	- ਭਗਤ ਸਿੰਘ
ਅੱਜ ਕਿਸਾਨ ਅੰਦੋਲਨ ਦਾ ਸੰਘਰਸ਼ ਦਿੱਲੀ ਦੀਆਂ ਬਰੂਹਾਂ ਉੱਤੇ ਜਾਰੀ ਹੈ ਅਤੇ ਪੰਜਾਬ ਹਰਿਆਣਾ ਸਮੇਤ ਦੇਸ਼ ਭਰ ਦੇ ਕਿਸਾਨ ਮਜ਼ਦੂਰ ਇਕੱਠੇ ਹੋ ਕੇ ਖੇਤੀ ਕਾਨੂੰਨਾਂ ਦੇ ਵਿਰੋਧ ਵਿੱਚ ਡਟੇ ਹੋਏ ਹਨ। ਟਰਾਲੀਆਂ ਹੀ ਘਰ ਬਣ ਗਈਆਂ ਹਨ ਅਤੇ ਲੰਗਰ ਦਿਨ ਰਾਤ ਚੱਲਦੇ ਹਨ। ਅੱਜ ਕਿਸਾਨ ਅੰਦੋਲਨ ਦਾ ਸੰਘਰਸ਼ ਦਿੱਲੀ ਦੀਆਂ ਬਰੂਹਾਂ ਉੱਤੇ ਜਾਰੀ ਹੈ ਅਤੇ ਪੰਜਾਬ ਹਰਿਆਣਾ ਸਮੇਤ ਦੇਸ਼ ਭਰ ਦੇ ਕਿਸਾਨ ਮਜ਼ਦੂਰ ਇਕੱਠੇ ਹੋ ਕੇ ਖੇਤੀ ਕਾਨੂੰਨਾਂ ਦੇ ਵਿਰੋਧ ਵਿੱਚ ਡਟੇ ਹੋਏ ਹਨ। ਟਰਾਲੀਆਂ ਹੀ ਘਰ ਬਣ ਗਈਆਂ ਹਨ ਅਤੇ ਲੰਗਰ ਦਿਨ ਰਾਤ ਚੱਲਦੇ ਹਨ। ਅੱਜ ਕਿਸਾਨ ਅੰਦੋਲਨ ਦਾ ਸੰਘਰਸ਼ ਦਿੱਲੀ ਦੀਆਂ ਬਰੂਹਾਂ ਉੱਤੇ ਜਾਰੀ ਹੈ ਅਤੇ ਪੰਜਾਬ ਹਰਿਆਣਾ ਸਮੇਤ ਦੇਸ਼ ਭਰ ਦੇ ਕਿਸਾਨ ਮਜ਼ਦੂਰ ਇਕੱਠੇ ਹੋ ਕੇ ਖੇਤੀ ਕਾਨੂੰਨਾਂ ਦੇ ਵਿਰੋਧ ਵਿੱਚ ਡਟੇ ਹੋਏ ਹਨ। ਟਰਾਲੀਆਂ ਹੀ ਘਰ ਬਣ ਗਈਆਂ ਹਨ ਅਤੇ ਲੰਗਰ ਦਿਨ ਰਾਤ ਚੱਲਦੇ ਹਨ। ਅੱਜ ਕਿਸਾਨ ਅੰਦੋਲਨ ਦਾ ਸੰਘਰਸ਼ ਦਿੱਲੀ ਦੀਆਂ ਬਰੂਹਾਂ ਉੱਤੇ ਜਾਰੀ ਹੈ ਅਤੇ ਪੰਜਾਬ ਹਰਿਆਣਾ ਸਮੇਤ ਦੇਸ਼ ਭਰ ਦੇ ਕਿਸਾਨ ਮਜ਼ਦੂਰ ਇਕੱਠੇ ਹੋ ਕੇ ਖੇਤੀ ਕਾਨੂੰਨਾਂ ਦੇ ਵਿਰੋਧ ਵਿੱਚ ਡਟੇ ਹੋਏ ਹਨ। ਟਰਾਲੀਆਂ ਹੀ ਘਰ ਬਣ ਗਈਆਂ ਹਨ ਅਤੇ ਲੰਗਰ ਦਿਨ ਰਾਤ ਚੱਲਦੇ ਹਨ। ਅੱਜ ਕਿਸਾਨ ਅੰਦੋਲਨ ਦਾ ਸੰਘਰਸ਼ ਦਿੱਲੀ ਦੀਆਂ ਬਰੂਹਾਂ ਉੱਤੇ ਜਾਰੀ ਹੈ ਅਤੇ ਪੰਜਾਬ ਹਰਿਆਣਾ ਸਮੇਤ ਦੇਸ਼ ਭਰ ਦੇ ਕਿਸਾਨ ਮਜ਼ਦੂਰ ਇਕੱਠੇ ਹੋ ਕੇ ਖੇਤੀ ਕਾਨੂੰਨਾਂ ਦੇ ਵਿਰੋਧ ਵਿੱਚ ਡਟੇ ਹੋਏ ਹਨ। ਟਰਾਲੀਆਂ ਹੀ ਘਰ ਬਣ ਗਈਆਂ ਹਨ ਅਤੇ ਲੰਗਰ ਦਿਨ ਰਾਤ ਚੱਲਦੇ ਹਨ। ਅੱਜ ਕਿਸਾਨ ਅੰਦੋਲਨ ਦਾ ਸੰਘਰਸ਼ ਦਿੱਲੀ ਦੀਆਂ ਬਰੂਹਾਂ ਉੱਤੇ ਜਾਰੀ ਹੈ ਅਤੇ ਪੰਜਾਬ ਹਰਿਆਣਾ ਸਮੇਤ ਦੇਸ਼ ਭਰ ਦੇ ਕਿਸਾਨ ਮਜ਼ਦੂਰ ਇਕੱਠੇ ਹੋ ਕੇ ਖੇਤੀ ਕਾਨੂੰਨਾਂ ਦੇ ਵਿਰੋਧ ਵਿੱਚ ਡਟੇ ਹੋਏ ਹਨ। ਟਰਾਲੀਆਂ ਹੀ ਘਰ ਬਣ ਗਈਆਂ ਹਨ ਅਤੇ ਲੰਗਰ ਦਿਨ ਰਾਤ ਚੱਲਦੇ ਹਨ। ਅੱਜ ਕਿਸਾਨ ਅੰਦੋਲਨ ਦਾ ਸੰਘਰਸ਼ ਦਿੱਲੀ ਦੀਆਂ ਬਰੂਹਾਂ ਉੱਤੇ ਜਾਰੀ ਹੈ ਅਤੇ ਪੰਜਾਬ ਹਰਿਆਣਾ ਸਮੇਤ ਦੇਸ਼ ਭਰ ਦੇ ਕਿਸਾਨ ਮਜ਼ਦੂਰ ਇਕੱਠੇ ਹੋ ਕੇ ਖੇਤੀ ਕਾਨੂੰਨਾਂ ਦੇ ਵਿਰੋਧ ਵਿੱਚ ਡਟੇ ਹੋਏ ਹਨ। ਟਰਾਲੀਆਂ ਹੀ ਘਰ ਬਣ ਗਈਆਂ ਹਨ ਅਤੇ ਲੰਗਰ ਦਿਨ ਰਾਤ ਚੱਲਦੇ ਹਨ। ਅੱਜ ਕਿਸਾਨ ਅੰਦੋਲਨ ਦਾ ਸੰਘਰਸ਼ ਦਿੱਲੀ ਦੀਆਂ ਬਰੂਹਾਂ ਉੱਤੇ ਜਾਰੀ ਹੈ ਅਤੇ ਪੰਜਾਬ ਹਰਿਆਣਾ ਸਮੇਤ ਦੇਸ਼ ਭਰ ਦੇ ਕਿਸਾਨ ਮਜ਼ਦੂਰ ਇਕੱਠੇ ਹੋ ਕੇ ਖੇਤੀ ਕਾਨੂੰਨਾਂ ਦੇ ਵਿਰੋਧ ਵਿੱਚ ਡਟੇ ਹੋਏ ਹਨ। ਟਰਾਲੀਆਂ ਹੀ ਘਰ ਬਣ ਗਈਆਂ ਹਨ ਅਤੇ ਲੰਗਰ ਦਿਨ ਰਾਤ ਚੱਲਦੇ ਹਨ। ਅੱਜ ਕਿਸਾਨ ਅੰਦੋਲਨ ਦਾ ਸੰਘਰਸ਼ ਦਿੱਲੀ ਦੀਆਂ ਬਰੂਹਾਂ ਉੱਤੇ ਜਾਰੀ ਹੈ ਅਤੇ ਪੰਜਾਬ ਹਰਿਆਣਾ ਸਮੇਤ ਦੇਸ਼ ਭਰ ਦੇ ਕਿਸਾਨ ਮਜ਼ਦੂਰ ਇਕੱਠੇ ਹੋ ਕੇ ਖੇਤੀ ਕਾਨੂੰਨਾਂ ਦੇ ਵਿਰੋਧ ਵਿੱਚ ਡਟੇ ਹੋਏ ਹਨ। ਟਰਾਲੀਆਂ ਹੀ ਘਰ ਬਣ ਗਈਆਂ ਹਨ ਅਤੇ ਲੰਗਰ ਦਿਨ ਰਾਤ ਚੱਲਦੇ ਹਨ। ਅੱਜ ਕਿਸਾਨ ਅੰਦੋਲਨ ਦਾ ਸੰਘਰਸ਼ ਦਿੱਲੀ ਦੀਆਂ ਬਰੂਹਾਂ ਉੱਤੇ ਜਾਰੀ ਹੈ ਅਤੇ ਪੰਜਾਬ ਹਰਿਆਣਾ ਸਮੇਤ ਦੇਸ਼ ਭਰ ਦੇ ਕਿਸਾਨ ਮਜ਼ਦੂਰ ਇਕੱਠੇ ਹੋ ਕੇ ਖੇਤੀ ਕਾਨੂੰਨਾਂ ਦੇ ਵਿਰੋਧ ਵਿੱਚ ਡਟੇ ਹੋਏ ਹਨ। ਟਰਾਲੀਆਂ ਹੀ ਘਰ ਬਣ ਗਈਆਂ ਹਨ ਅਤੇ ਲੰਗਰ ਦਿਨ ਰਾਤ ਚੱਲਦੇ ਹਨ। ਅੱਜ ਕਿਸਾਨ ਅੰਦੋਲਨ ਦਾ ਸੰਘਰਸ਼ ਦਿੱਲੀ ਦੀਆਂ ਬਰੂਹਾਂ ਉੱਤੇ ਜਾਰੀ ਹੈ ਅਤੇ ਪੰਜਾਬ ਹਰਿਆਣਾ ਸਮੇਤ ਦੇਸ਼ ਭਰ ਦੇ ਕਿਸਾਨ ਮਜ਼ਦੂਰ ਇਕੱਠੇ ਹੋ ਕੇ ਖੇਤੀ ਕਾਨੂੰਨਾਂ ਦੇ ਵਿਰੋਧ ਵਿੱਚ ਡਟੇ ਹੋਏ ਹਨ। ਟਰਾਲੀਆਂ ਹੀ ਘਰ ਬਣ ਗਈਆਂ ਹਨ ਅਤੇ ਲੰਗਰ ਦਿਨ ਰਾਤ ਚੱਲਦੇ ਹਨ। ਅੱਜ ਕਿਸਾਨ ਅੰਦੋਲਨ ਦਾ ਸੰਘਰਸ਼ ਦਿੱਲੀ ਦੀਆਂ ਬਰੂਹਾਂ ਉੱਤੇ ਜਾਰੀ ਹੈ ਅਤੇ ਪੰਜਾਬ ਹਰਿਆਣਾ ਸਮੇਤ ਦੇਸ਼ ਭਰ ਦੇ ਕਿਸਾਨ ਮਜ਼ਦੂਰ ਇਕੱਠੇ ਹੋ ਕੇ ਖੇਤੀ ਕਾਨੂੰਨਾਂ ਦੇ ਵਿਰੋਧ ਵਿੱਚ ਡਟੇ ਹੋਏ ਹਨ। ਟਰਾਲੀਆਂ ਹੀ ਘਰ ਬਣ ਗਈਆਂ ਹਨ ਅਤੇ ਲੰਗਰ ਦਿਨ ਰਾਤ ਚੱਲਦੇ ਹਨ। ਅੱਜ ਕਿਸਾਨ ਅੰਦੋਲਨ ਦਾ ਸੰਘਰਸ਼ ਦਿੱਲੀ ਦੀਆਂ ਬਰੂਹਾਂ ਉੱਤੇ ਜਾਰੀ ਹੈ ਅਤੇ ਪੰਜਾਬ ਹਰਿਆਣਾ ਸਮੇਤ ਦੇਸ਼ ਭਰ ਦੇ ਕਿਸਾਨ ਮਜ਼ਦੂਰ ਇਕੱਠੇ ਹੋ ਕੇ ਖੇਤੀ ਕਾਨੂੰਨਾਂ ਦੇ ਵਿਰੋਧ ਵਿੱਚ ਡਟੇ ਹੋਏ ਹਨ। ਟਰਾਲੀਆਂ ਹੀ ਘਰ ਬਣ ਗਈਆਂ ਹਨ ਅਤੇ ਲੰਗਰ ਦਿਨ ਰਾਤ ਚੱਲਦੇ ਹਨ। ਅੱਜ ਕਿਸਾਨ ਅੰਦੋਲਨ ਦਾ ਸੰਘਰਸ਼ ਦਿੱਲੀ ਦੀਆਂ ਬਰੂਹਾਂ ਉੱਤੇ ਜਾਰੀ ਹੈ ਅਤੇ ਪੰਜਾਬ ਹਰਿਆਣਾ ਸਮੇਤ ਦੇਸ਼ ਭਰ ਦੇ ਕਿਸਾਨ ਮਜ਼ਦੂਰ ਇਕੱਠੇ ਹੋ ਕੇ ਖੇਤੀ ਕਾਨੂੰਨਾਂ ਦੇ ਵਿਰੋਧ ਵਿੱਚ ਡਟੇ ਹੋਏ ਹਨ। ਟਰਾਲੀਆਂ ਹੀ ਘਰ ਬਣ ਗਈਆਂ ਹਨ ਅਤੇ ਲੰਗਰ ਦਿਨ ਰਾਤ ਚੱਲਦੇ ਹਨ।
ਮੋਰਚੇ 'ਤੇ ਡਟੀਉਵੋ ਕਰਨ ਲਈ, ਇਸ ਨੂੰ ਸਕੈਨ ਕਰੋ
